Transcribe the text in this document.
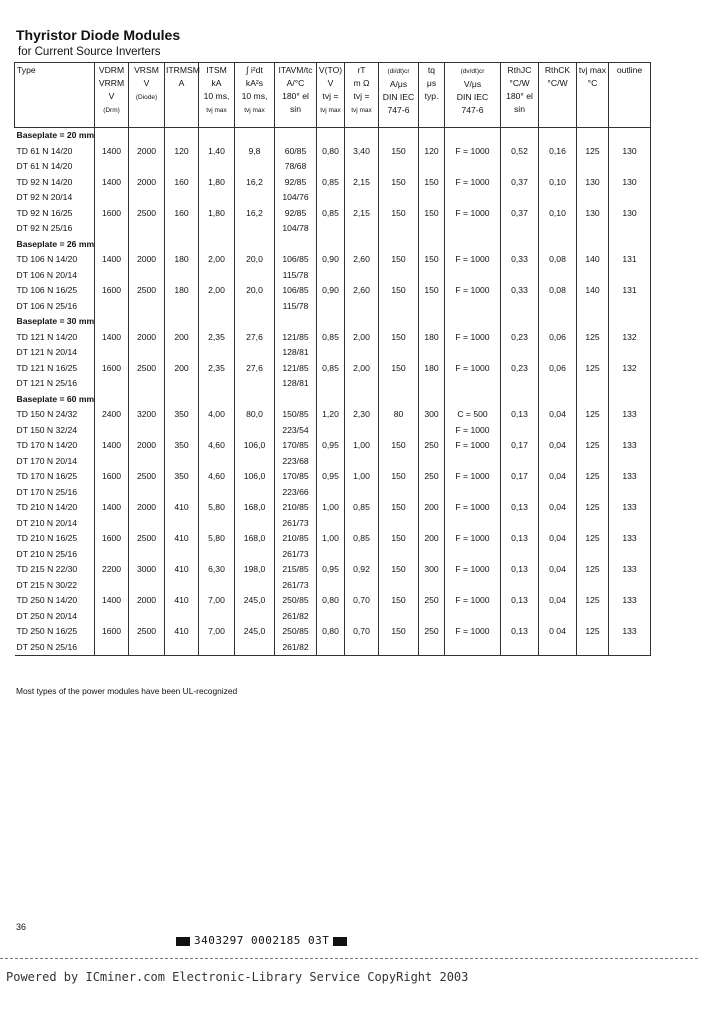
Thyristor Diode Modules
for Current Source Inverters
Type	VDRM
VRRM
V
(Drm)	VRSM
V
(Diode)	ITRMSM
A	ITSM
kA
10 ms,
tvj max	∫ i²dt
kA²s
10 ms,
tvj max	ITAVM/tc
A/°C
180° el
sin	V(TO)
V
tvj =
tvj max	rT
m Ω
tvj =
tvj max	(di/dt)cr
A/μs
DIN IEC
747-6	tq
μs
typ.	(dv/dt)cr
V/μs
DIN IEC
747-6	RthJC
°C/W
180° el
sin	RthCK
°C/W	tvj max
°C	outline

Baseplate = 20 mm															
TD 61 N 14/20	1400	2000	120	1,40	9,8	60/85	0,80	3,40	150	120	F = 1000	0,52	0,16	125	130
DT 61 N 14/20						78/68									
TD 92 N 14/20	1400	2000	160	1,80	16,2	92/85	0,85	2,15	150	150	F = 1000	0,37	0,10	130	130
DT 92 N 20/14						104/76									
TD 92 N 16/25	1600	2500	160	1,80	16,2	92/85	0,85	2,15	150	150	F = 1000	0,37	0,10	130	130
DT 92 N 25/16						104/78									
Baseplate = 26 mm															
TD 106 N 14/20	1400	2000	180	2,00	20,0	106/85	0,90	2,60	150	150	F = 1000	0,33	0,08	140	131
DT 106 N 20/14						115/78									
TD 106 N 16/25	1600	2500	180	2,00	20,0	106/85	0,90	2,60	150	150	F = 1000	0,33	0,08	140	131
DT 106 N 25/16						115/78									
Baseplate = 30 mm															
TD 121 N 14/20	1400	2000	200	2,35	27,6	121/85	0,85	2,00	150	180	F = 1000	0,23	0,06	125	132
DT 121 N 20/14						128/81									
TD 121 N 16/25	1600	2500	200	2,35	27,6	121/85	0,85	2,00	150	180	F = 1000	0,23	0,06	125	132
DT 121 N 25/16						128/81									
Baseplate = 60 mm															
TD 150 N 24/32	2400	3200	350	4,00	80,0	150/85	1,20	2,30	80	300	C = 500	0,13	0,04	125	133
DT 150 N 32/24						223/54					F = 1000				
TD 170 N 14/20	1400	2000	350	4,60	106,0	170/85	0,95	1,00	150	250	F = 1000	0,17	0,04	125	133
DT 170 N 20/14						223/68									
TD 170 N 16/25	1600	2500	350	4,60	106,0	170/85	0,95	1,00	150	250	F = 1000	0,17	0,04	125	133
DT 170 N 25/16						223/66									
TD 210 N 14/20	1400	2000	410	5,80	168,0	210/85	1,00	0,85	150	200	F = 1000	0,13	0,04	125	133
DT 210 N 20/14						261/73									
TD 210 N 16/25	1600	2500	410	5,80	168,0	210/85	1,00	0,85	150	200	F = 1000	0,13	0,04	125	133
DT 210 N 25/16						261/73									
TD 215 N 22/30	2200	3000	410	6,30	198,0	215/85	0,95	0,92	150	300	F = 1000	0,13	0,04	125	133
DT 215 N 30/22						261/73									
TD 250 N 14/20	1400	2000	410	7,00	245,0	250/85	0,80	0,70	150	250	F = 1000	0,13	0,04	125	133
DT 250 N 20/14						261/82									
TD 250 N 16/25	1600	2500	410	7,00	245,0	250/85	0,80	0,70	150	250	F = 1000	0,13	0 04	125	133
DT 250 N 25/16						261/82									
Most types of the power modules have been UL-recognized
36
3403297 0002185 03T
Powered by ICminer.com Electronic-Library Service CopyRight 2003
